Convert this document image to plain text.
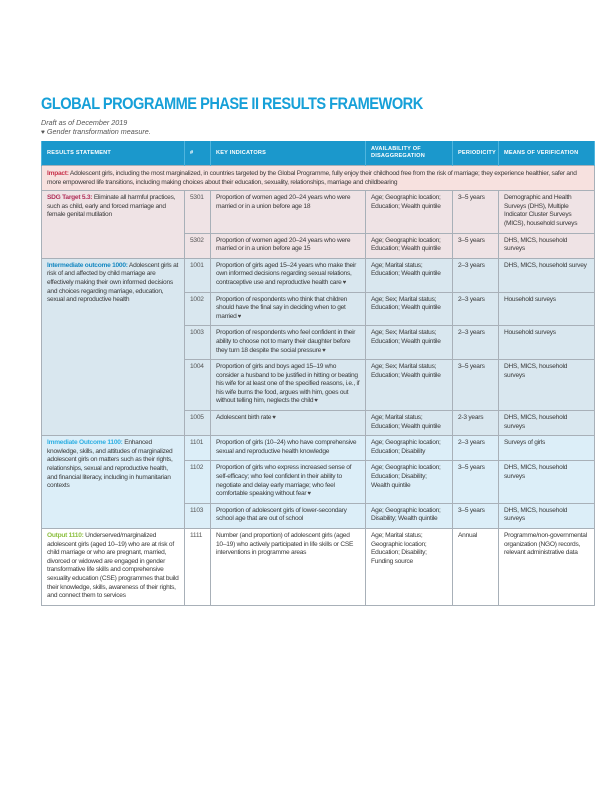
GLOBAL PROGRAMME PHASE II RESULTS FRAMEWORK
Draft as of December 2019
♥ Gender transformation measure.
RESULTS STATEMENT	#	KEY INDICATORS	AVAILABILITY OF DISAGGREGATION	PERIODICITY	MEANS OF VERIFICATION
Impact: Adolescent girls, including the most marginalized, in countries targeted by the Global Programme, fully enjoy their childhood free from the risk of marriage; they experience healthier, safer and more empowered life transitions, including making choices about their education, sexuality, relationships, marriage and childbearing					
SDG Target 5.3: Eliminate all harmful practices, such as child, early and forced marriage and female genital mutilation	5301	Proportion of women aged 20–24 years who were married or in a union before age 18	Age; Geographic location; Education; Wealth quintile	3–5 years	Demographic and Health Surveys (DHS), Multiple Indicator Cluster Surveys (MICS), household surveys
	5302	Proportion of women aged 20–24 years who were married or in a union before age 15	Age; Geographic location; Education; Wealth quintile	3–5 years	DHS, MICS, household surveys
Intermediate outcome 1000: Adolescent girls at risk of and affected by child marriage are effectively making their own informed decisions and choices regarding marriage, education, sexual and reproductive health	1001	Proportion of girls aged 15–24 years who make their own informed decisions regarding sexual relations, contraceptive use and reproductive health care♥	Age; Marital status; Education; Wealth quintile	2–3 years	DHS, MICS, household survey
	1002	Proportion of respondents who think that children should have the final say in deciding when to get married♥	Age; Sex; Marital status; Education; Wealth quintile	2–3 years	Household surveys
	1003	Proportion of respondents who feel confident in their ability to choose not to marry their daughter before they turn 18 despite the social pressure♥	Age; Sex; Marital status; Education; Wealth quintile	2–3 years	Household surveys
	1004	Proportion of girls and boys aged 15–19 who consider a husband to be justified in hitting or beating his wife for at least one of the specified reasons, i.e., if his wife burns the food, argues with him, goes out without telling him, neglects the child♥	Age; Sex; Marital status; Education; Wealth quintile	3–5 years	DHS, MICS, household surveys
	1005	Adolescent birth rate♥	Age; Marital status; Education; Wealth quintile	2-3 years	DHS, MICS, household surveys
Immediate Outcome 1100: Enhanced knowledge, skills, and attitudes of marginalized adolescent girls on matters such as their rights, relationships, sexual and reproductive health, and financial literacy, including in humanitarian contexts	1101	Proportion of girls (10–24) who have comprehensive sexual and reproductive health knowledge	Age; Geographic location; Education; Disability	2–3 years	Surveys of girls
	1102	Proportion of girls who express increased sense of self-efficacy; who feel confident in their ability to negotiate and delay early marriage; who feel comfortable speaking without fear♥	Age; Geographic location; Education; Disability; Wealth quintile	3–5 years	DHS, MICS, household surveys
	1103	Proportion of adolescent girls of lower-secondary school age that are out of school	Age; Geographic location; Disability; Wealth quintile	3–5 years	DHS, MICS, household surveys
Output 1110: Underserved/marginalized adolescent girls (aged 10–19) who are at risk of child marriage or who are pregnant, married, divorced or widowed are engaged in gender transformative life skills and comprehensive sexuality education (CSE) programmes that build their knowledge, skills, awareness of their rights, and connect them to services	1111	Number (and proportion) of adolescent girls (aged 10–19) who actively participated in life skills or CSE interventions in programme areas	Age; Marital status; Geographic location; Education; Disability; Funding source	Annual	Programme/non-governmental organization (NGO) records, relevant administrative data
